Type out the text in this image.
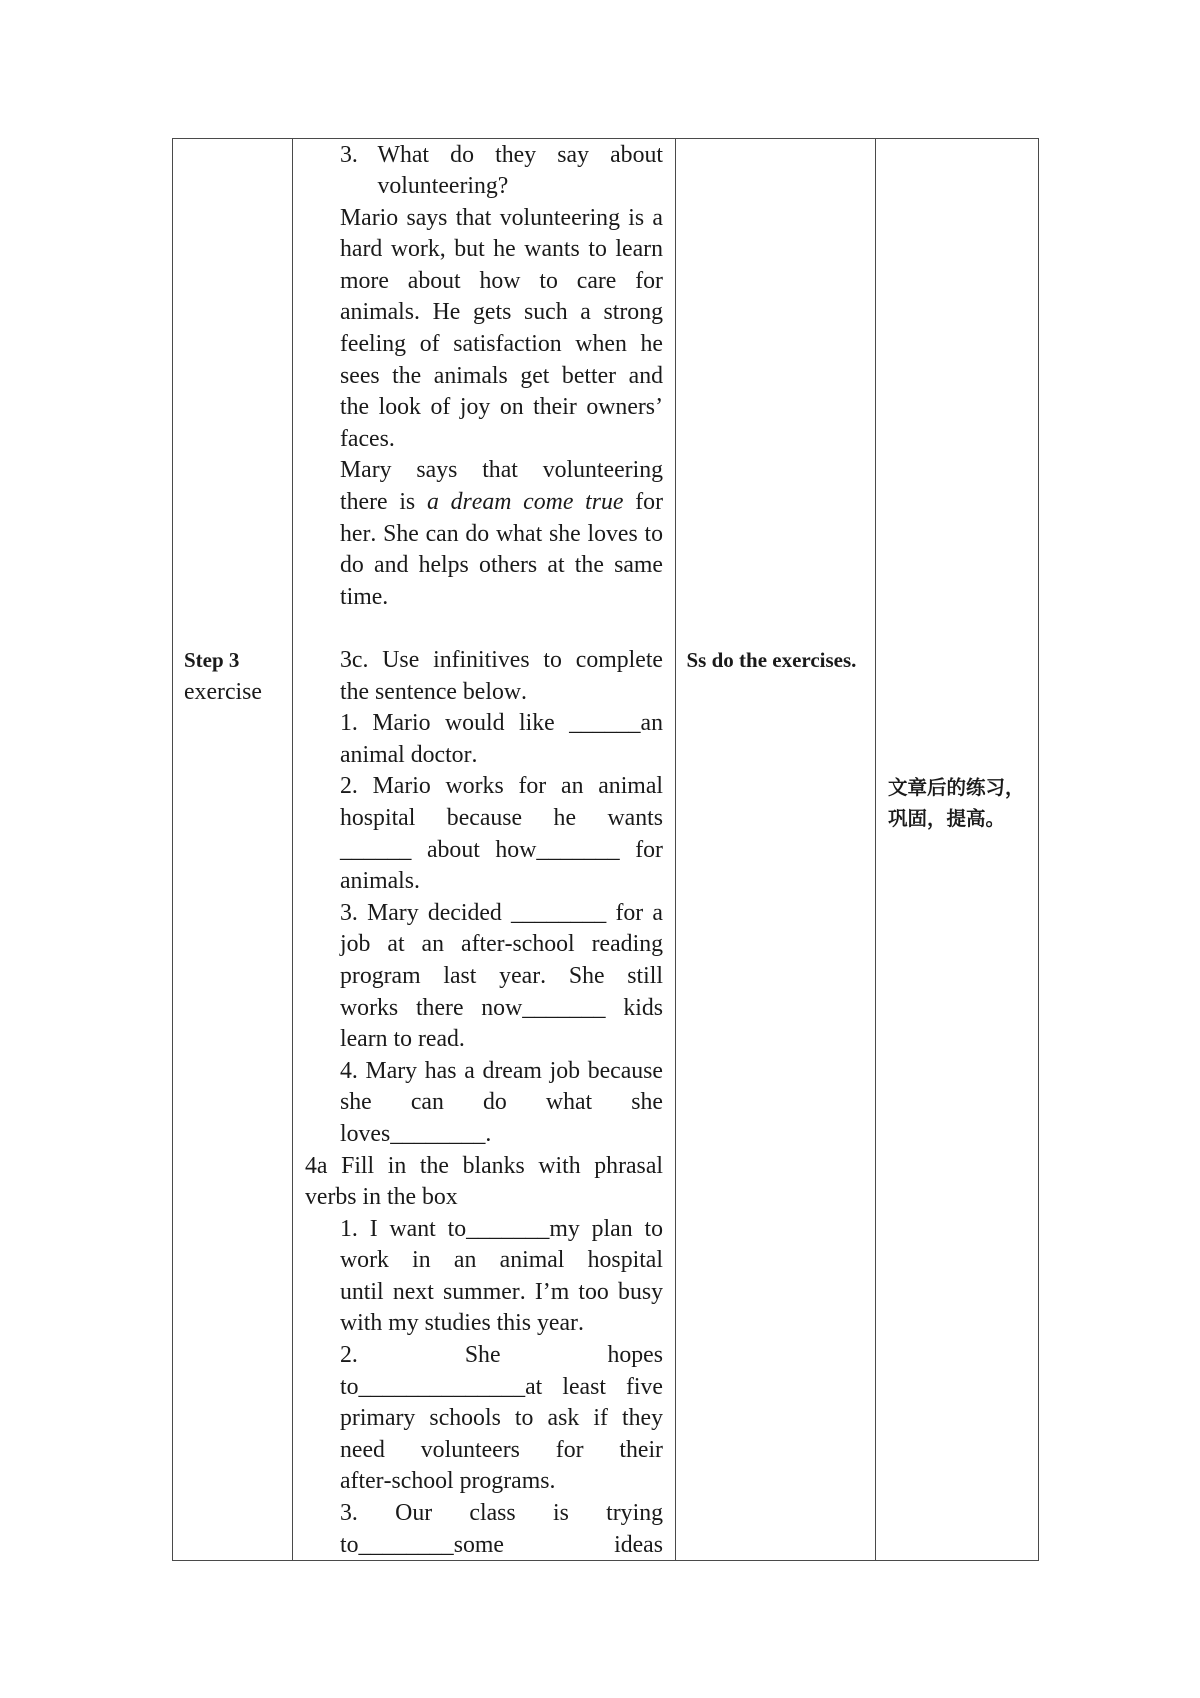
Step 3
exercise
3. What do they say about
volunteering?
Mario says that volunteering is a
hard work, but he wants to learn
more about how to care for
animals. He gets such a strong
feeling of satisfaction when he
sees the animals get better and
the look of joy on their owners’
faces.
Mary says that volunteering
there is a dream come true for
her. She can do what she loves to
do and helps others at the same
time.
3c. Use infinitives to complete
the sentence below.
1. Mario would like ______an
animal doctor.
2. Mario works for an animal
hospital because he wants
______ about how_______ for
animals.
3. Mary decided ________ for a
job at an after-school reading
program last year. She still
works there now_______ kids
learn to read.
4. Mary has a dream job because
she can do what she
loves________.
4a Fill in the blanks with phrasal
verbs in the box
1. I want to_______my plan to
work in an animal hospital
until next summer. I’m too busy
with my studies this year.
2. She hopes
to______________at least five
primary schools to ask if they
need volunteers for their
after-school programs.
3. Our class is trying
to________some ideas
Ss do the exercises.
文章后的练习，
巩固，提高。
